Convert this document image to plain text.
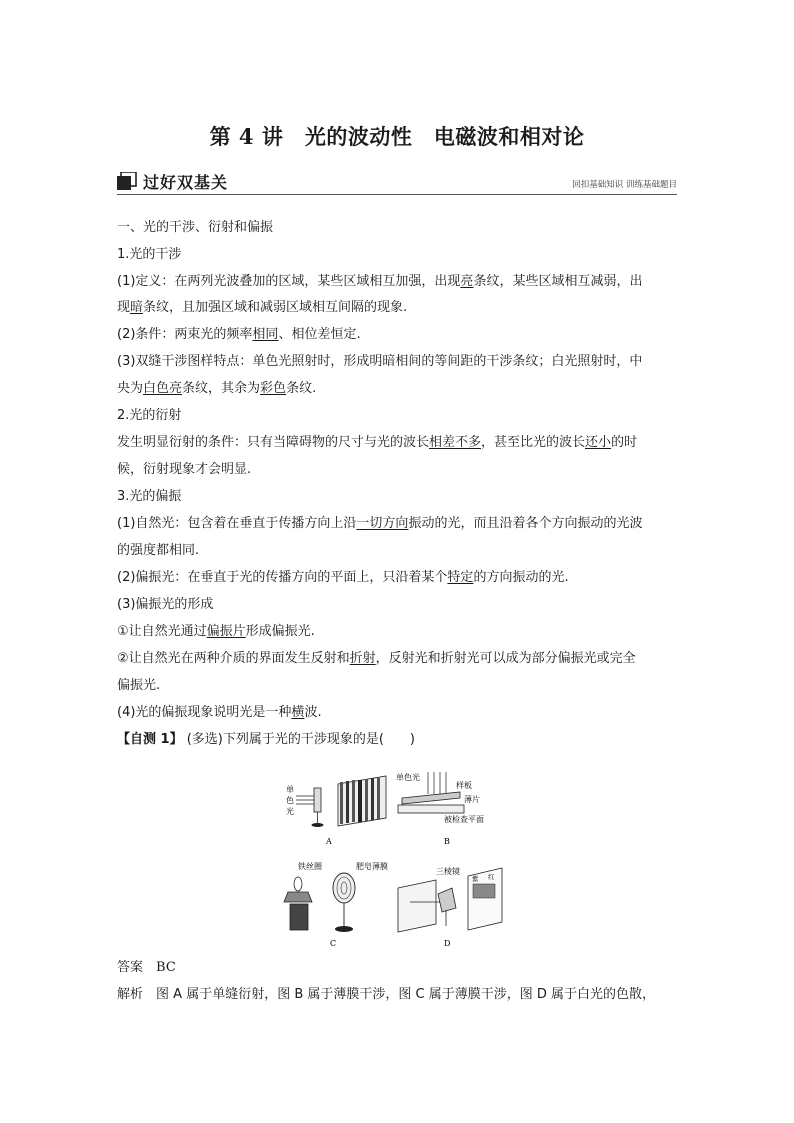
第 4 讲　光的波动性　电磁波和相对论
过好双基关	回扣基础知识 训练基础题目
一、光的干涉、衍射和偏振
1.光的干涉
(1)定义：在两列光波叠加的区域，某些区域相互加强，出现亮条纹，某些区域相互减弱，出
现暗条纹，且加强区域和减弱区域相互间隔的现象.
(2)条件：两束光的频率相同、相位差恒定.
(3)双缝干涉图样特点：单色光照射时，形成明暗相间的等间距的干涉条纹；白光照射时，中
央为白色亮条纹，其余为彩色条纹.
2.光的衍射
发生明显衍射的条件：只有当障碍物的尺寸与光的波长相差不多，甚至比光的波长还小的时
候，衍射现象才会明显.
3.光的偏振
(1)自然光：包含着在垂直于传播方向上沿一切方向振动的光，而且沿着各个方向振动的光波
的强度都相同.
(2)偏振光：在垂直于光的传播方向的平面上，只沿着某个特定的方向振动的光.
(3)偏振光的形成
①让自然光通过偏振片形成偏振光.
②让自然光在两种介质的界面发生反射和折射，反射光和折射光可以成为部分偏振光或完全
偏振光.
(4)光的偏振现象说明光是一种横波.
【自测 1】 (多选)下列属于光的干涉现象的是(　　)
单
色
光
A
单色光
样板
薄片
被检查平面
B
铁丝圈	肥皂薄膜
C
三棱镜
紫 红
D
答案　 BC
解析　 图 A 属于单缝衍射，图 B 属于薄膜干涉，图 C 属于薄膜干涉，图 D 属于白光的色散，
